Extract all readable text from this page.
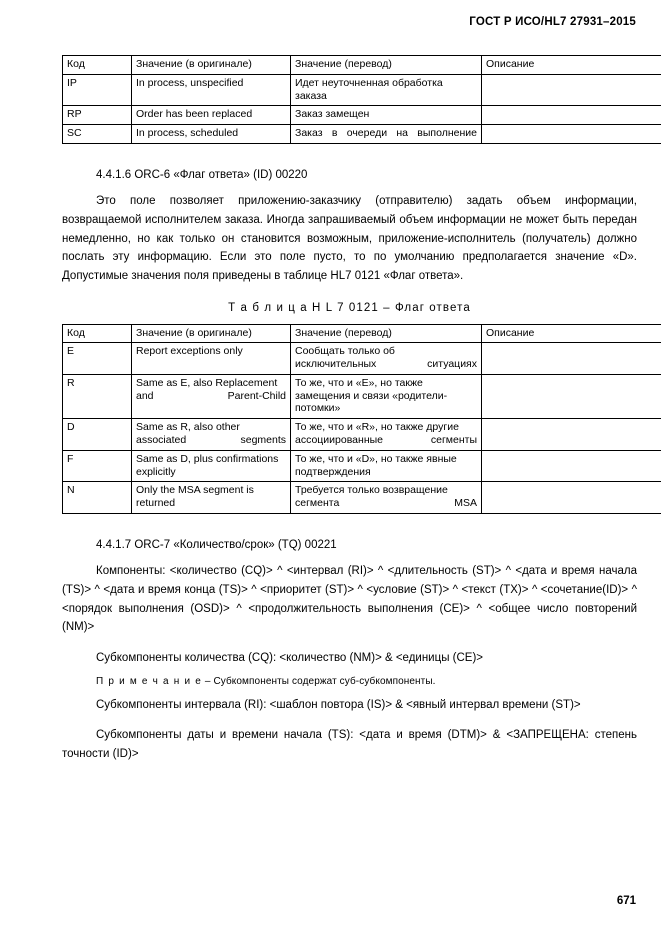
ГОСТ Р ИСО/HL7 27931–2015
Код	Значение (в оригинале)	Значение (перевод)	Описание
IP	In process, unspecified	Идет неуточненная обработка заказа	
RP	Order has been replaced	Заказ замещен	
SC	In process, scheduled	Заказ в очереди на выполнение	

4.4.1.6 ORC-6 «Флаг ответа» (ID) 00220

Это поле позволяет приложению-заказчику (отправителю) задать объем информации, возвращаемой исполнителем заказа. Иногда запрашиваемый объем информации не может быть передан немедленно, но как только он становится возможным, приложение-исполнитель (получатель) должно послать эту информацию. Если это поле пусто, то по умолчанию предполагается значение «D». Допустимые значения поля приведены в таблице HL7 0121 «Флаг ответа».

Т а б л и ц а H L 7 0121 – Флаг ответа

Код	Значение (в оригинале)	Значение (перевод)	Описание
E	Report exceptions only	Сообщать только об исключительных ситуациях	
R	Same as E, also Replacement and Parent-Child	То же, что и «E», но также замещения и связи «родители-потомки»	
D	Same as R, also other associated segments	То же, что и «R», но также другие ассоциированные сегменты	
F	Same as D, plus confirmations explicitly	То же, что и «D», но также явные подтверждения	
N	Only the MSA segment is returned	Требуется только возвращение сегмента MSA	

4.4.1.7 ORC-7 «Количество/срок» (TQ) 00221

Компоненты: <количество (CQ)> ^ <интервал (RI)> ^ <длительность (ST)> ^ <дата и время начала (TS)> ^ <дата и время конца (TS)> ^ <приоритет (ST)> ^ <условие (ST)> ^ <текст (TX)> ^ <сочетание(ID)> ^ <порядок выполнения (OSD)> ^ <продолжительность выполнения (CE)> ^ <общее число повторений (NM)>

Субкомпоненты количества (CQ): <количество (NM)> & <единицы (CE)>

П р и м е ч а н и е – Субкомпоненты содержат суб-субкомпоненты.

Субкомпоненты интервала (RI): <шаблон повтора (IS)> & <явный интервал времени (ST)>

Субкомпоненты даты и времени начала (TS): <дата и время (DTM)> & <ЗАПРЕЩЕНА: степень точности (ID)>

671
